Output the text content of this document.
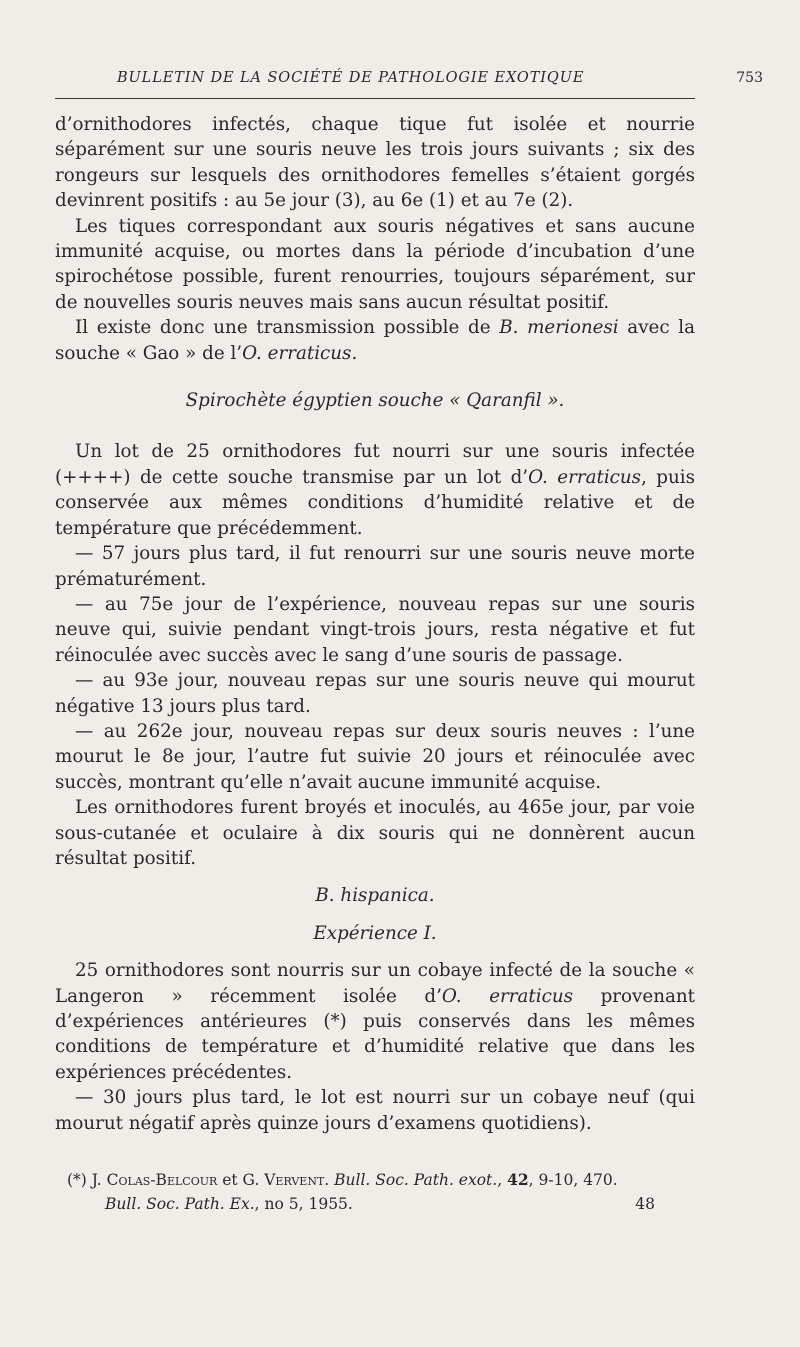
BULLETIN DE LA SOCIÉTÉ DE PATHOLOGIE EXOTIQUE	753

d’ornithodores infectés, chaque tique fut isolée et nourrie séparément sur une souris neuve les trois jours suivants ; six des rongeurs sur lesquels des ornithodores femelles s’étaient gorgés devinrent positifs : au 5e jour (3), au 6e (1) et au 7e (2).

Les tiques correspondant aux souris négatives et sans aucune immunité acquise, ou mortes dans la période d’incubation d’une spirochétose possible, furent renourries, toujours séparément, sur de nouvelles souris neuves mais sans aucun résultat positif.

Il existe donc une transmission possible de B. merionesi avec la souche « Gao » de l’O. erraticus.

Spirochète égyptien souche « Qaranfil ».

Un lot de 25 ornithodores fut nourri sur une souris infectée (++++) de cette souche transmise par un lot d’O. erraticus, puis conservée aux mêmes conditions d’humidité relative et de température que précédemment.

— 57 jours plus tard, il fut renourri sur une souris neuve morte prématurément.

— au 75e jour de l’expérience, nouveau repas sur une souris neuve qui, suivie pendant vingt-trois jours, resta négative et fut réinoculée avec succès avec le sang d’une souris de passage.

— au 93e jour, nouveau repas sur une souris neuve qui mourut négative 13 jours plus tard.

— au 262e jour, nouveau repas sur deux souris neuves : l’une mourut le 8e jour, l’autre fut suivie 20 jours et réinoculée avec succès, montrant qu’elle n’avait aucune immunité acquise.

Les ornithodores furent broyés et inoculés, au 465e jour, par voie sous-cutanée et oculaire à dix souris qui ne donnèrent aucun résultat positif.

B. hispanica.

Expérience I.

25 ornithodores sont nourris sur un cobaye infecté de la souche « Langeron » récemment isolée d’O. erraticus provenant d’expériences antérieures (*) puis conservés dans les mêmes conditions de température et d’humidité relative que dans les expériences précédentes.

— 30 jours plus tard, le lot est nourri sur un cobaye neuf (qui mourut négatif après quinze jours d’examens quotidiens).

(*) J. Colas-Belcour et G. Vervent. Bull. Soc. Path. exot., 42, 9-10, 470.

Bull. Soc. Path. Ex., no 5, 1955.	48
